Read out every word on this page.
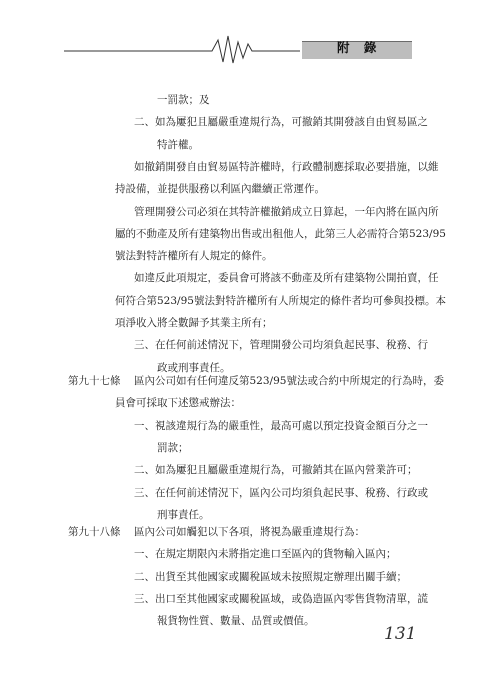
附 錄
一罰款；及
二、如為屢犯且屬嚴重違規行為，可撤銷其開發該自由貿易區之
特許權。
如撤銷開發自由貿易區特許權時，行政體制應採取必要措施，以維
持設備，並提供服務以利區內繼續正常運作。
管理開發公司必須在其特許權撤銷成立日算起，一年內將在區內所
屬的不動產及所有建築物出售或出租他人，此第三人必需符合第523/95
號法對特許權所有人規定的條件。
如違反此項規定，委員會可將該不動產及所有建築物公開拍賣，任
何符合第523/95號法對特許權所有人所規定的條件者均可參與投標。本
項淨收入將全數歸予其業主所有；
三、在任何前述情況下，管理開發公司均須負起民事、稅務、行
政或刑事責任。
第九十七條 區內公司如有任何違反第523/95號法或合約中所規定的行為時，委
員會可採取下述懲戒辦法：
一、視該違規行為的嚴重性，最高可處以預定投資金額百分之一
罰款；
二、如為屢犯且屬嚴重違規行為，可撤銷其在區內營業許可；
三、在任何前述情況下，區內公司均須負起民事、稅務、行政或
刑事責任。
區內公司如觸犯以下各項，將視為嚴重違規行為：
一、在規定期限內未將指定進口至區內的貨物輸入區內；
二、出貨至其他國家或關稅區域未按照規定辦理出關手續；
三、出口至其他國家或關稅區域，或偽造區內零售貨物清單，謊
報貨物性質、數量、品質或價值。
第九十八條
131
